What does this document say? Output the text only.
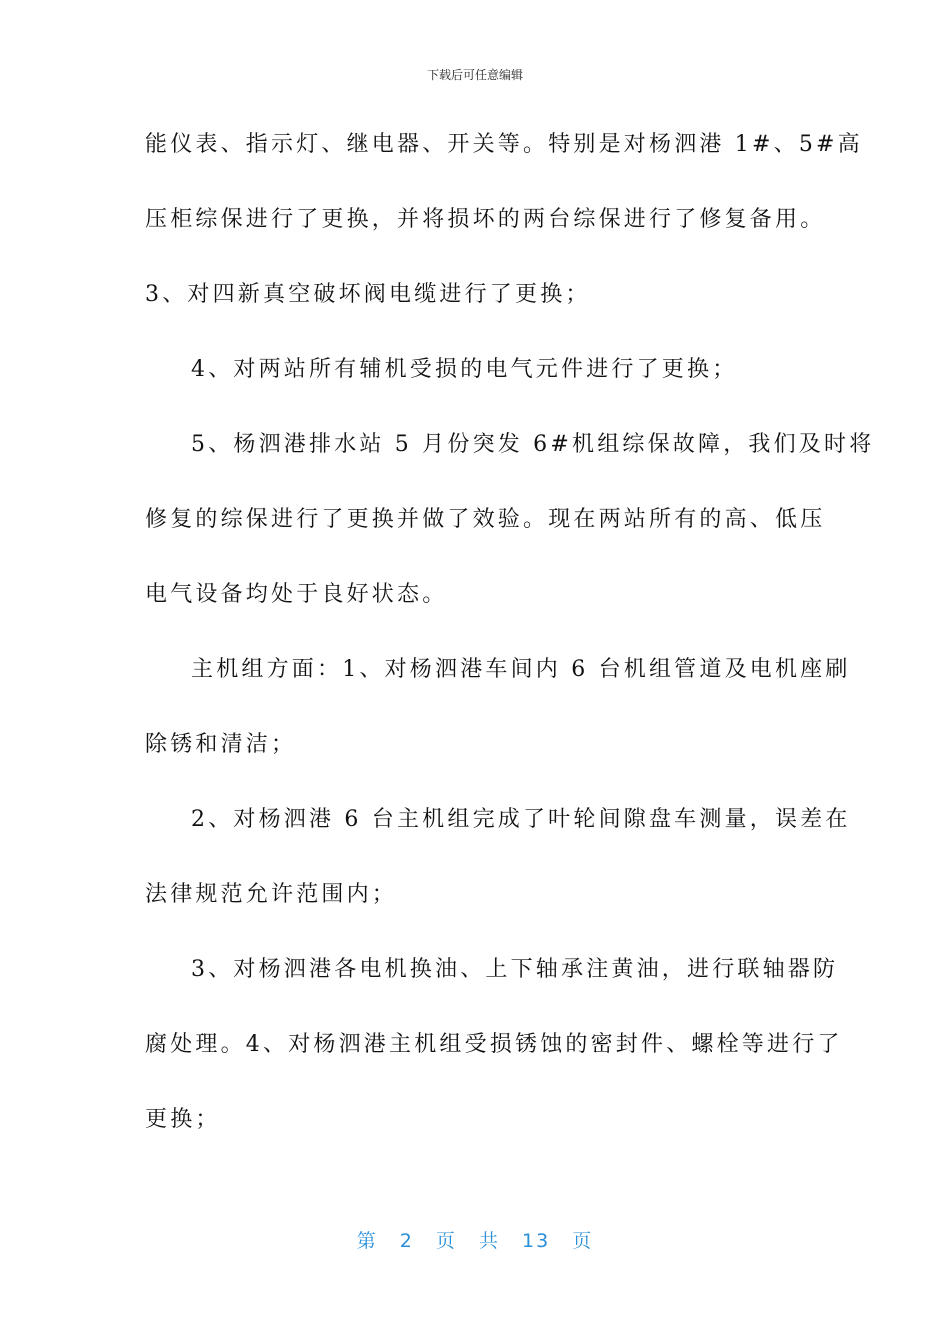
下载后可任意编辑
能仪表、指示灯、继电器、开关等。特别是对杨泗港 1#、5#高
压柜综保进行了更换，并将损坏的两台综保进行了修复备用。
3、对四新真空破坏阀电缆进行了更换；
4、对两站所有辅机受损的电气元件进行了更换；
5、杨泗港排水站 5 月份突发 6#机组综保故障，我们及时将
修复的综保进行了更换并做了效验。现在两站所有的高、低压
电气设备均处于良好状态。
主机组方面：1、对杨泗港车间内 6 台机组管道及电机座刷
除锈和清洁；
2、对杨泗港 6 台主机组完成了叶轮间隙盘车测量，误差在
法律规范允许范围内；
3、对杨泗港各电机换油、上下轴承注黄油，进行联轴器防
腐处理。4、对杨泗港主机组受损锈蚀的密封件、螺栓等进行了
更换；
第 2 页 共 13 页
